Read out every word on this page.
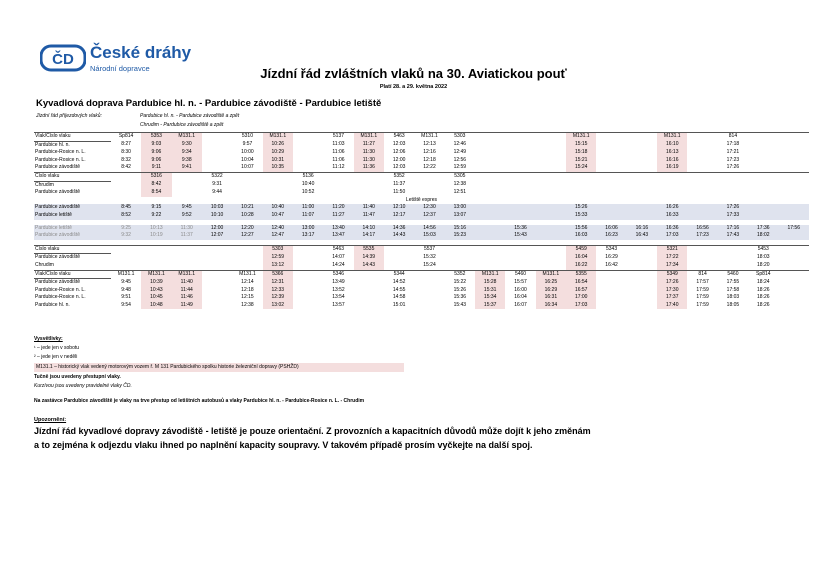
ČD České dráhy
Národní dopravce	Jízdní řád zvláštních vlaků na 30. Aviatickou pouť
Platí 28. a 29. května 2022
Kyvadlová doprava Pardubice hl. n. - Pardubice závodiště - Pardubice letiště
Jízdní řád příjezdových vlaků:	Pardubice hl. n. - Pardubice závodiště a zpět
Chrudim - Pardubice závodiště a zpět
Vlak/Číslo vlaku	Sp814	5353	M131.1		5310	M131.1		5137	M131.1	5463	M131.1	5303				M131.1			M131.1		814		
Pardubice hl. n.	8:27	9:03	9:30		9:57	10:26		11:03	11:27	12:03	12:13	12:46				15:15			16:10		17:18		
Pardubice-Rosice n. L.	8:30	9:06	9:34		10:00	10:29		11:06	11:30	12:06	12:16	12:49				15:18			16:13		17:21		
Pardubice-Rosice n. L.	8:32	9:06	9:38		10:04	10:31		11:06	11:30	12:00	12:18	12:56				15:21			16:16		17:23		
Pardubice závodiště	8:42	9:11	9:41		10:07	10:35		11:12	11:36	12:03	12:22	12:59				15:24			16:19		17:26		
Číslo vlaku		5316		5322			5136			5352		5305											
Chrudim		8:42		9:31			10:40			11:37		12:38											
Pardubice závodiště		8:54		9:44			10:52			11:50		12:51											
Letiště expres																							
Pardubice závodiště	8:45	9:15	9:45	10:03	10:21	10:40	11:00	11:20	11:40	12:10	12:30	13:00				15:26			16:26		17:26		
Pardubice letiště	8:52	9:22	9:52	10:10	10:28	10:47	11:07	11:27	11:47	12:17	12:37	13:07				15:33			16:33		17:33		

Pardubice letiště	9:25	10:13	11:30	12:00	12:20	12:40	13:00	13:40	14:10	14:36	14:56	15:16		15:36		15:56	16:06	16:16	16:36	16:56	17:16	17:36	17:56
Pardubice závodiště	9:32	10:19	11:37	12:07	12:27	12:47	13:17	13:47	14:17	14:43	15:03	15:23		15:43		16:03	16:23	16:43	17:03	17:23	17:43	18:02	

Číslo vlaku						5303		5463	5535		5537					5459	5343		5321			5453	
Pardubice závodiště						12:59		14:07	14:39		15:32					16:04	16:29		17:22			18:03	
Chrudim						13:12		14:24	14:43		15:24					16:22	16:42		17:34			18:20	
Vlak/Číslo vlaku	M131.1	M131.1	M131.1		M131.1	5366		5346		5344		5352	M131.1	5460	M131.1	5355			5349	814	5460	Sp814	
Pardubice závodiště	9:45	10:39	11:40		12:14	12:31		13:49		14:52		15:22	15:28	15:57	16:25	16:54			17:26	17:57	17:55	18:24	
Pardubice-Rosice n. L.	9:48	10:43	11:44		12:18	12:33		13:52		14:55		15:26	15:31	16:00	16:29	16:57			17:30	17:59	17:58	18:26	
Pardubice-Rosice n. L.	9:51	10:45	11:46		12:15	12:39		13:54		14:58		15:36	15:34	16:04	16:31	17:00			17:37	17:59	18:03	18:26	
Pardubice hl. n.	9:54	10:48	11:49		12:38	13:02		13:57		15:01		15:43	15:37	16:07	16:34	17:03			17:40	17:59	18:05	18:26	
Vysvětlivky:
¹ – jede jen v sobotu
² – jede jen v neděli
M131.1 – historický vlak vedený motorovým vozem ř. M 131 Pardubického spolku historie železniční dopravy (PSHŽD)
Tučně jsou uvedeny přestupní vlaky.
Kurzívou jsou uvedeny pravidelné vlaky ČD.
Na zastávce Pardubice závodiště je vlaky na trve přestup od letištních autobusů a vlaky Pardubice hl. n. - Pardubice-Rosice n. L. - Chrudim
Upozornění:
Jízdní řád kyvadlové dopravy závodiště - letiště je pouze orientační. Z provozních a kapacitních důvodů může dojít k jeho změnám
a to zejména k odjezdu vlaku ihned po naplnění kapacity soupravy. V takovém případě prosím vyčkejte na další spoj.
